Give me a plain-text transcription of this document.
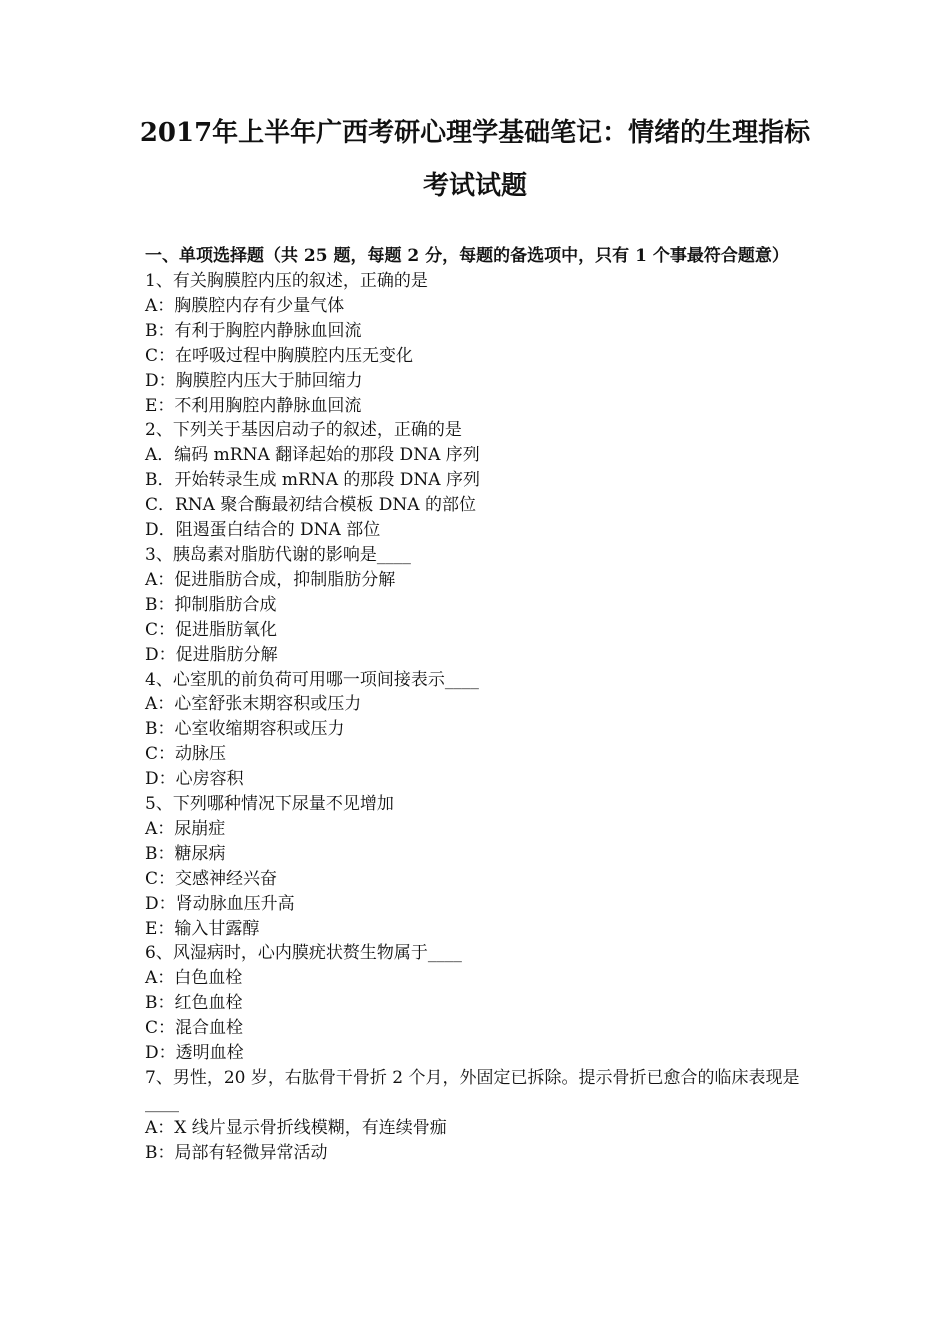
2017年上半年广西考研心理学基础笔记：情绪的生理指标
考试试题

一、单项选择题（共 25 题，每题 2 分，每题的备选项中，只有 1 个事最符合题意）

1、有关胸膜腔内压的叙述，正确的是

A：胸膜腔内存有少量气体

B：有利于胸腔内静脉血回流

C：在呼吸过程中胸膜腔内压无变化

D：胸膜腔内压大于肺回缩力

E：不利用胸腔内静脉血回流

2、下列关于基因启动子的叙述，正确的是

A．编码 mRNA 翻译起始的那段 DNA 序列

B．开始转录生成 mRNA 的那段 DNA 序列

C．RNA 聚合酶最初结合模板 DNA 的部位

D．阻遏蛋白结合的 DNA 部位

3、胰岛素对脂肪代谢的影响是____

A：促进脂肪合成，抑制脂肪分解

B：抑制脂肪合成

C：促进脂肪氧化

D：促进脂肪分解

4、心室肌的前负荷可用哪一项间接表示____

A：心室舒张末期容积或压力

B：心室收缩期容积或压力

C：动脉压

D：心房容积

5、下列哪种情况下尿量不见增加

A：尿崩症

B：糖尿病

C：交感神经兴奋

D：肾动脉血压升高

E：输入甘露醇

6、风湿病时，心内膜疣状赘生物属于____

A：白色血栓

B：红色血栓

C：混合血栓

D：透明血栓

7、男性，20 岁，右肱骨干骨折 2 个月，外固定已拆除。提示骨折已愈合的临床表现是____

A：X 线片显示骨折线模糊，有连续骨痂

B：局部有轻微异常活动
